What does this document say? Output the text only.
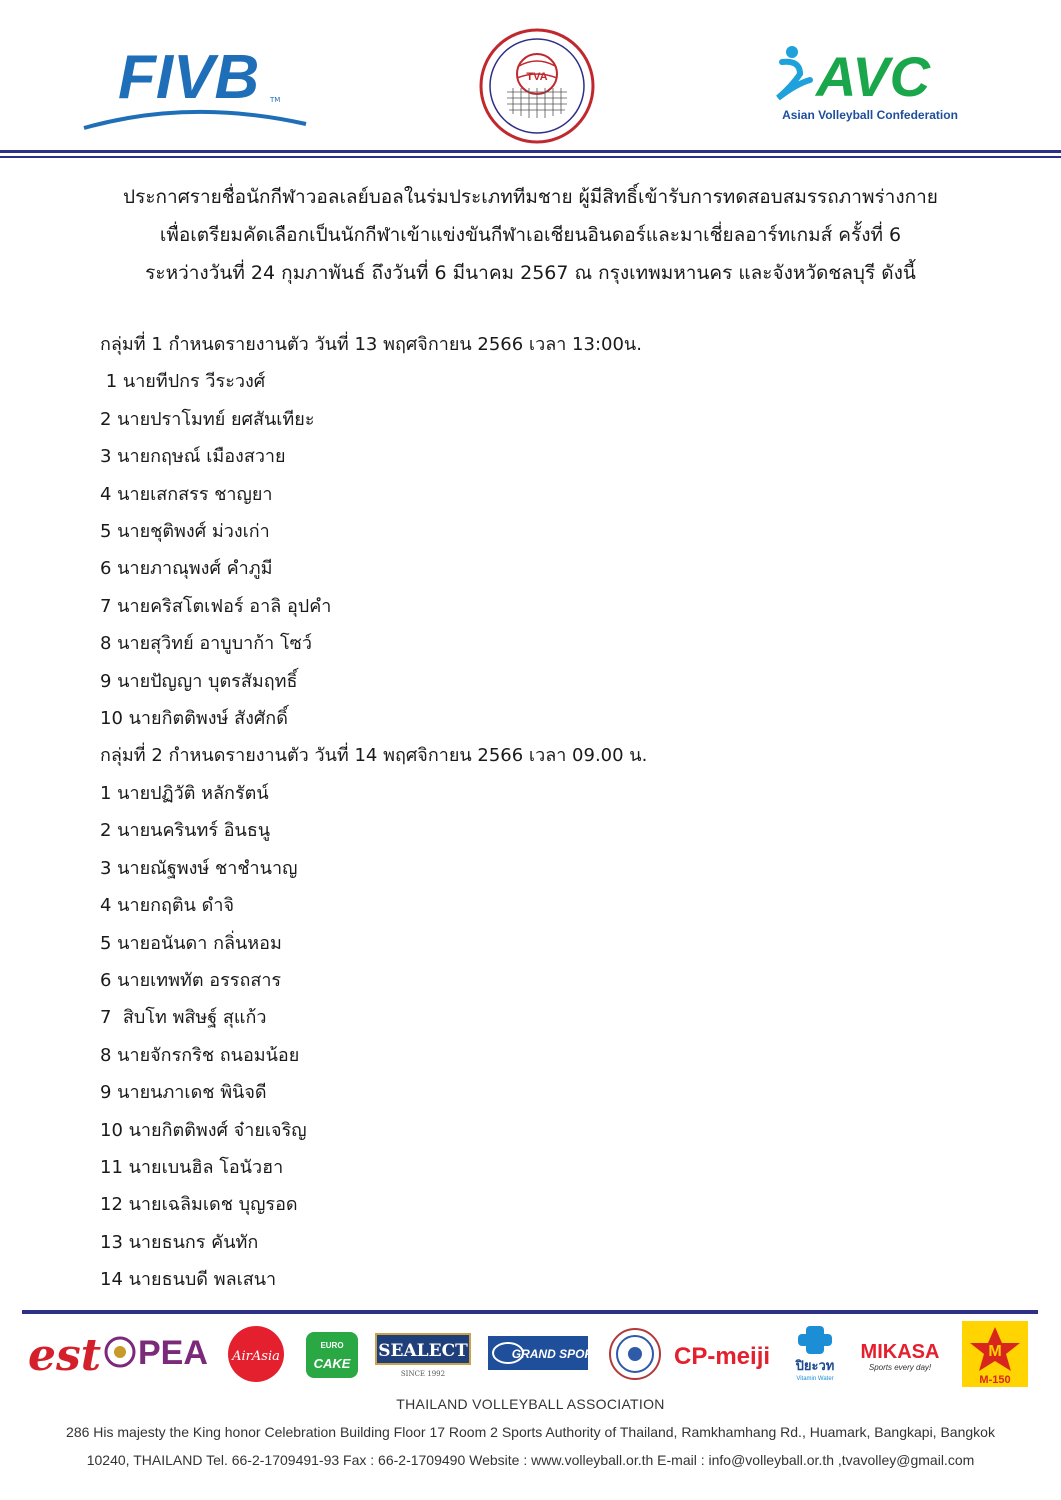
FIVB TM
TVA	AVC
Asian Volleyball Confederation
ประกาศรายชื่อนักกีฬาวอลเลย์บอลในร่มประเภททีมชาย ผู้มีสิทธิ์เข้ารับการทดสอบสมรรถภาพร่างกาย
เพื่อเตรียมคัดเลือกเป็นนักกีฬาเข้าแข่งขันกีฬาเอเชียนอินดอร์และมาเชี่ยลอาร์ทเกมส์ ครั้งที่ 6
ระหว่างวันที่ 24 กุมภาพันธ์ ถึงวันที่ 6 มีนาคม 2567 ณ กรุงเทพมหานคร และจังหวัดชลบุรี ดังนี้
กลุ่มที่ 1 กำหนดรายงานตัว วันที่ 13 พฤศจิกายน 2566 เวลา 13:00น.
1 นายทีปกร วีระวงศ์
2 นายปราโมทย์ ยศสันเทียะ
3 นายกฤษณ์ เมืองสวาย
4 นายเสกสรร ชาญยา
5 นายชุติพงศ์ ม่วงเก่า
6 นายภาณุพงศ์ คำภูมี
7 นายคริสโตเฟอร์ อาลิ อุปคำ
8 นายสุวิทย์ อาบูบาก้า โซว์
9 นายปัญญา บุตรสัมฤทธิ์
10 นายกิตติพงษ์ สังศักดิ์
กลุ่มที่ 2 กำหนดรายงานตัว วันที่ 14 พฤศจิกายน 2566 เวลา 09.00 น.
1 นายปฏิวัติ หลักรัตน์
2 นายนครินทร์ อินธนู
3 นายณัฐพงษ์ ชาชำนาญ
4 นายกฤติน ดำจิ
5 นายอนันดา กลิ่นหอม
6 นายเทพทัต อรรถสาร
7  สิบโท พสิษฐ์ สุแก้ว
8 นายจักรกริช ถนอมน้อย
9 นายนภาเดช พินิจดี
10 นายกิตติพงศ์ จ๋ายเจริญ
11 นายเบนฮิล โอนัวฮา
12 นายเฉลิมเดช บุญรอด
13 นายธนกร คันทัก
14 นายธนบดี พลเสนา
est PEA AirAsia
EURO
CAKE
SEALECT
SINCE 1992
GRAND SPORT	CP-meiji ปิยะวท
Vitamin Water
MIKASA
Sports every day!
M
M-150
THAILAND VOLLEYBALL ASSOCIATION
286 His majesty the King honor Celebration Building Floor 17 Room 2 Sports Authority of Thailand, Ramkhamhang Rd., Huamark, Bangkapi, Bangkok
10240, THAILAND Tel. 66-2-1709491-93 Fax : 66-2-1709490 Website : www.volleyball.or.th E-mail : info@volleyball.or.th ,tvavolley@gmail.com
